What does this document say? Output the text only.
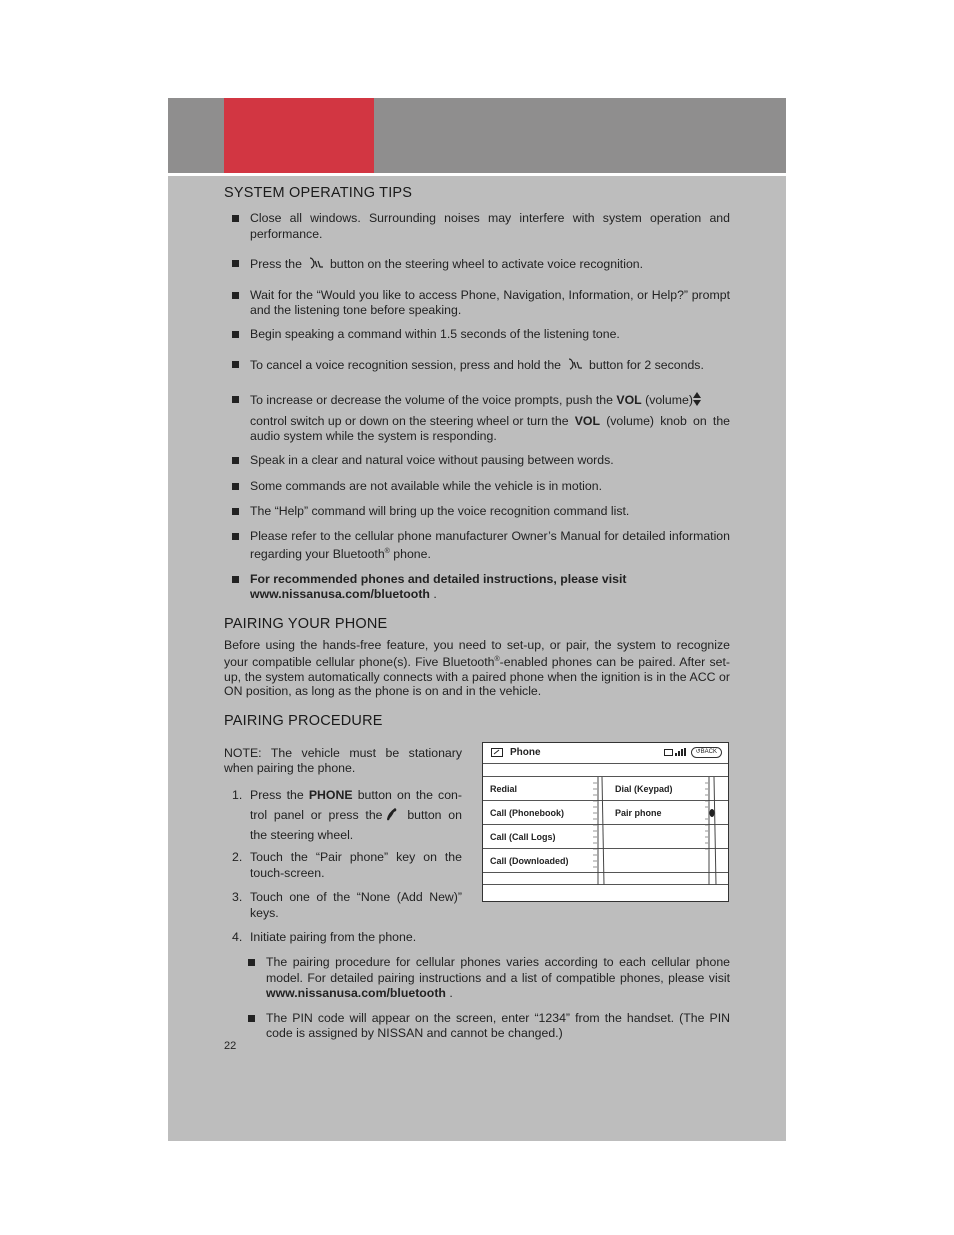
SYSTEM OPERATING TIPS
Close all windows. Surrounding noises may interfere with system operation and performance.
Press the button on the steering wheel to activate voice recognition.
Wait for the “Would you like to access Phone, Navigation, Information, or Help?” prompt and the listening tone before speaking.
Begin speaking a command within 1.5 seconds of the listening tone.
To cancel a voice recognition session, press and hold the button for 2 seconds.
To increase or decrease the volume of the voice prompts, push the VOL (volume)
control switch up or down on the steering wheel or turn the VOL (volume) knob on the audio system while the system is responding.
Speak in a clear and natural voice without pausing between words.
Some commands are not available while the vehicle is in motion.
The “Help” command will bring up the voice recognition command list.
Please refer to the cellular phone manufacturer Owner’s Manual for detailed information regarding your Bluetooth® phone.
For recommended phones and detailed instructions, please visit www.nissanusa.com/bluetooth .
PAIRING YOUR PHONE

Before using the hands-free feature, you need to set-up, or pair, the system to recognize your compatible cellular phone(s). Five Bluetooth®-enabled phones can be paired. After set-up, the system automatically connects with a paired phone when the ignition is in the ACC or ON position, as long as the phone is on and in the vehicle.

PAIRING PROCEDURE

NOTE: The vehicle must be stationary when pairing the phone.

1. Press the PHONE button on the con-trol panel or press the button on the steering wheel.
2. Touch the “Pair phone” key on the touch-screen.
3. Touch one of the “None (Add New)” keys.
4. Initiate pairing from the phone.
The pairing procedure for cellular phones varies according to each cellular phone model. For detailed pairing instructions and a list of compatible phones, please visit www.nissanusa.com/bluetooth .
The PIN code will appear on the screen, enter “1234” from the handset. (The PIN code is assigned by NISSAN and cannot be changed.)
Phone	↺BACK
Redial
Call (Phonebook)
Call (Call Logs)
Call (Downloaded)
Dial (Keypad)
Pair phone
22
